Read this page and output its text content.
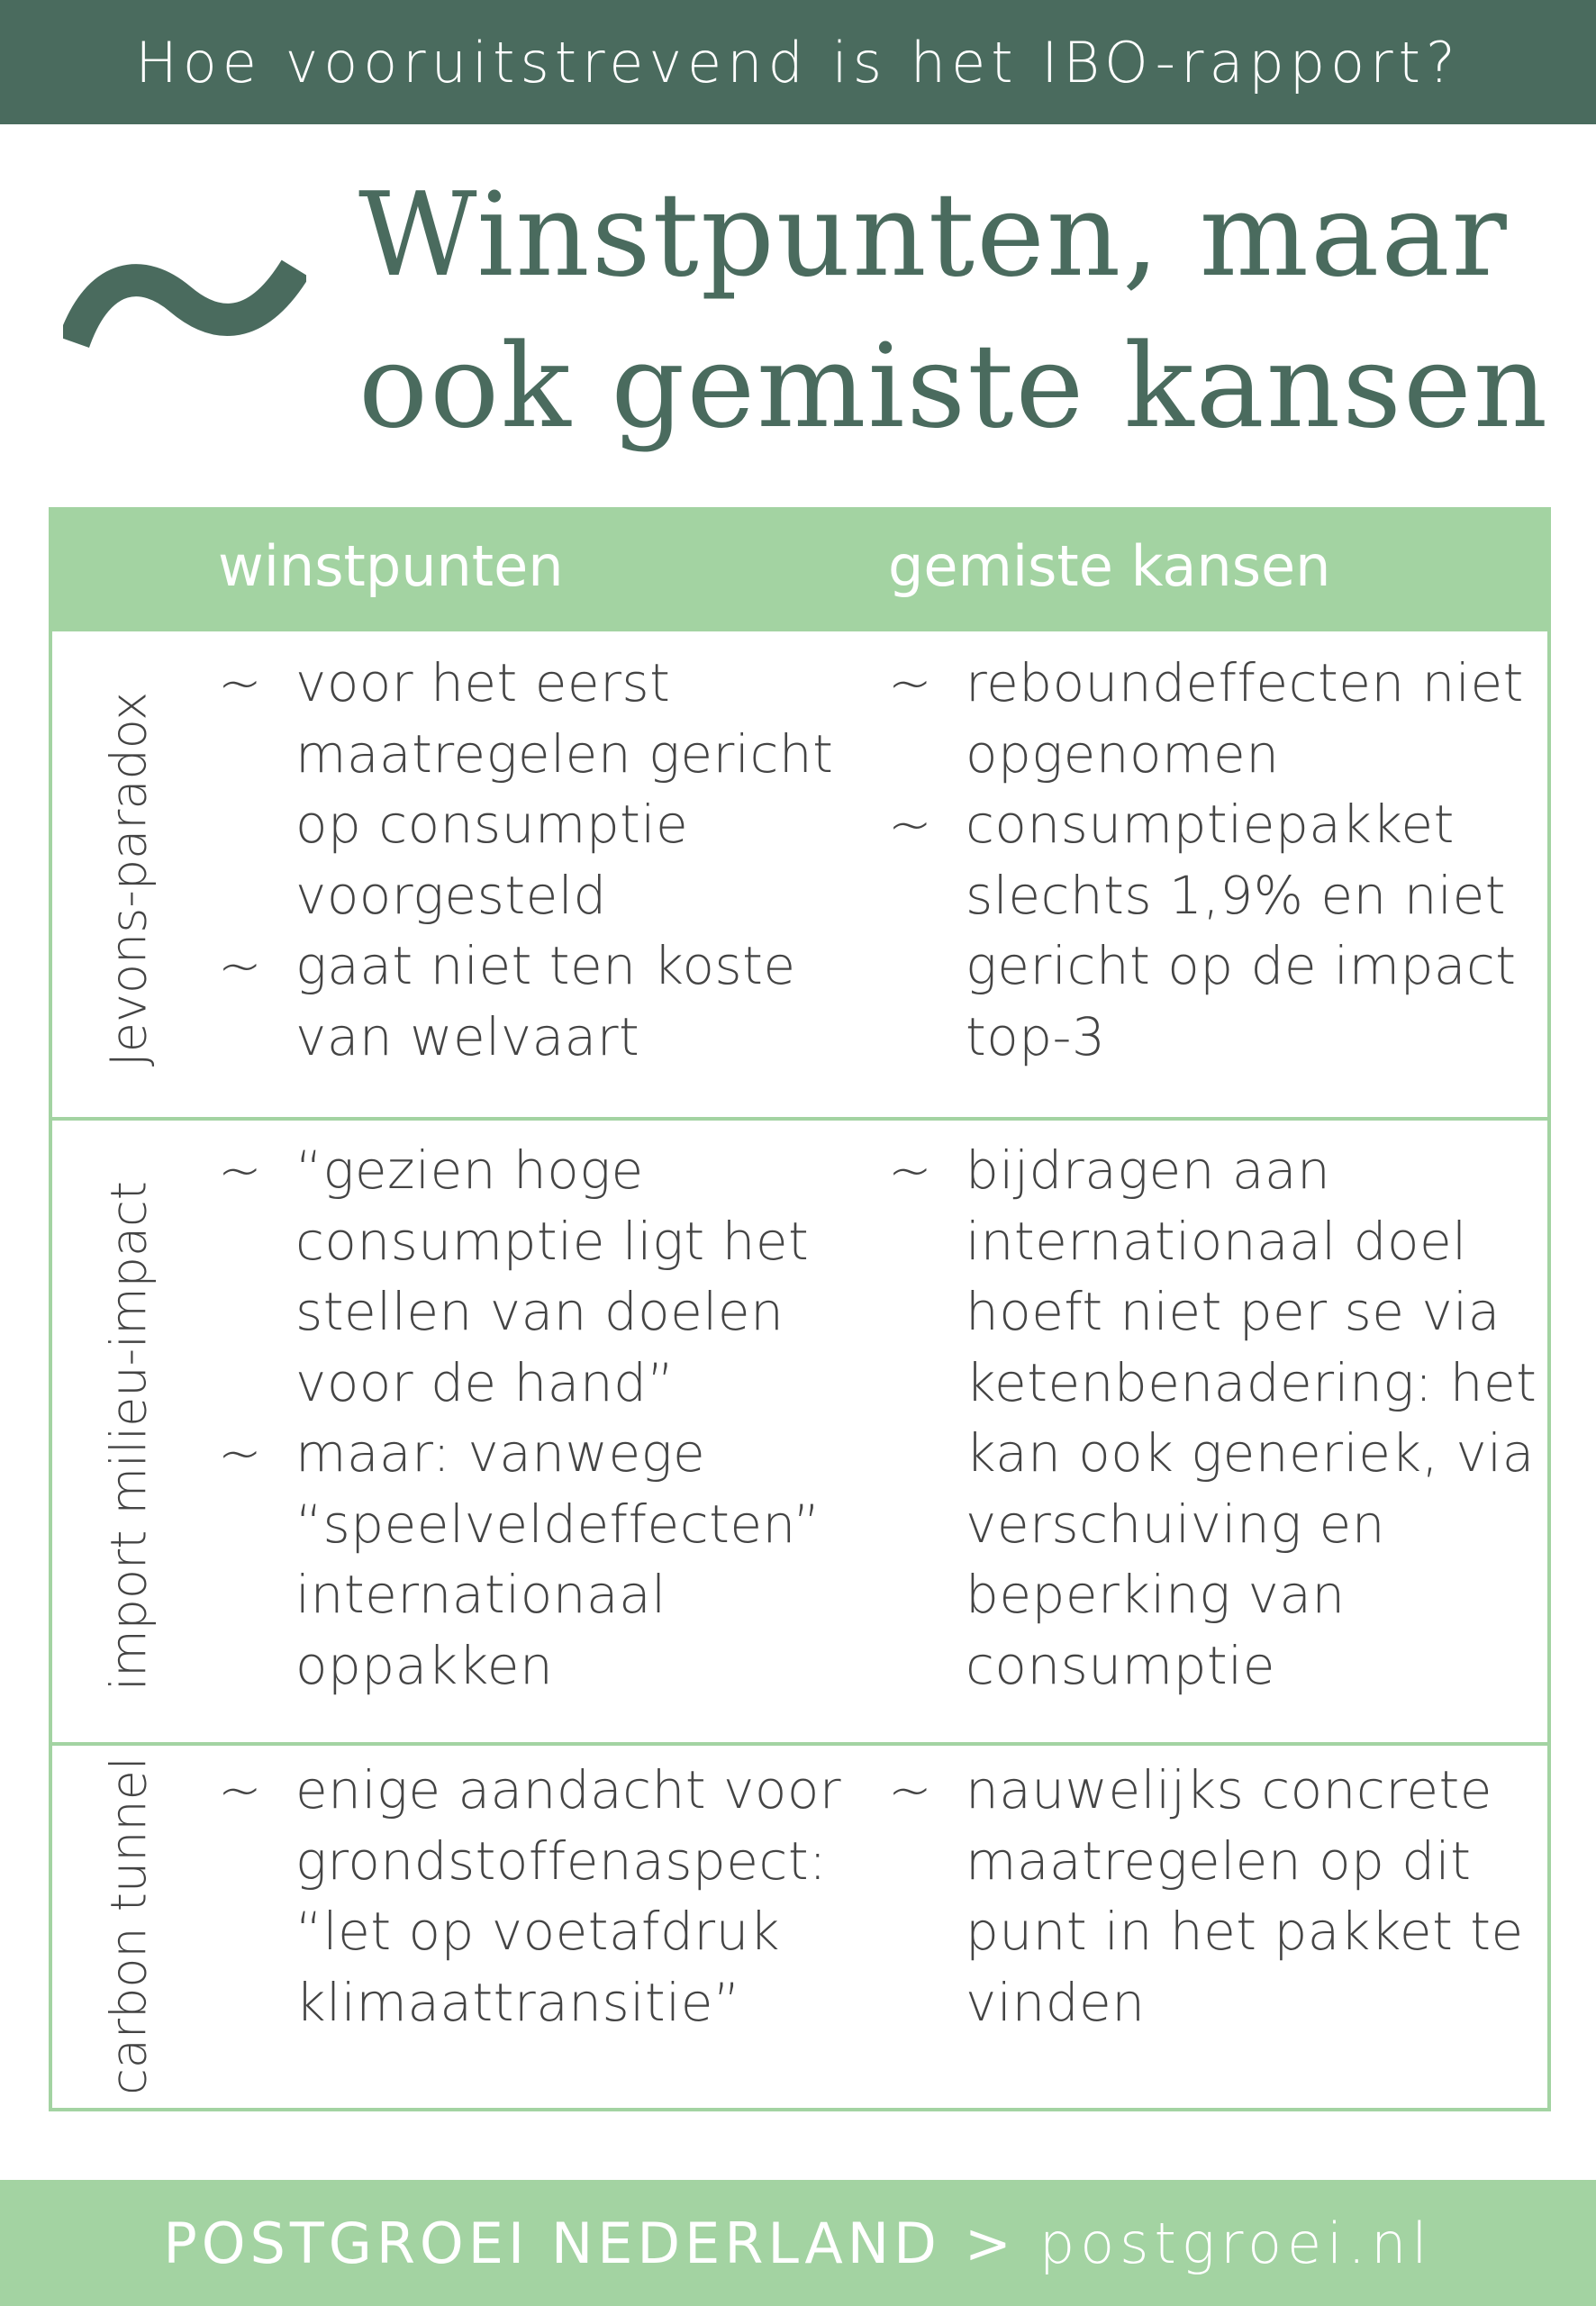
Hoe vooruitstrevend is het IBO-rapport?
Winstpunten, maar
ook gemiste kansen
winstpunten	gemiste kansen
Jevons-paradox
~ voor het eerst
maatregelen gericht
op consumptie
voorgesteld
~ gaat niet ten koste
van welvaart
~ reboundeffecten niet
opgenomen
~ consumptiepakket
slechts 1,9% en niet
gericht op de impact
top-3
import milieu-impact
~ “gezien hoge
consumptie ligt het
stellen van doelen
voor de hand”
~ maar: vanwege
“speelveldeffecten”
internationaal
oppakken
~ bijdragen aan
internationaal doel
hoeft niet per se via
ketenbenadering: het
kan ook generiek, via
verschuiving en
beperking van
consumptie
carbon tunnel ~ enige aandacht voor
grondstoffenaspect:
“let op voetafdruk
klimaattransitie”
~ nauwelijks concrete
maatregelen op dit
punt in het pakket te
vinden
POSTGROEI NEDERLAND > postgroei.nl
